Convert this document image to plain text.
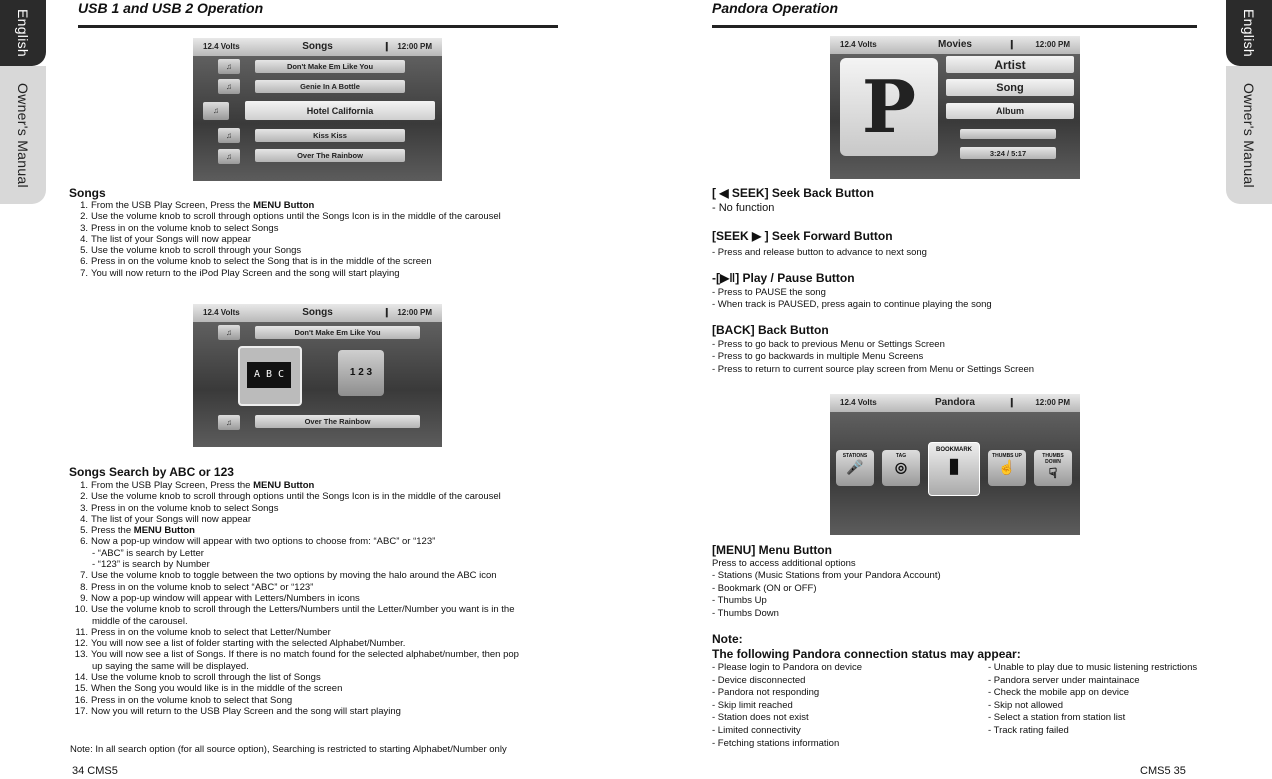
English
Owner's Manual
USB 1 and USB 2 Operation
12.4 Volts	Songs	❙ 12:00 PM
♫	Don't Make Em Like You
♫	Genie In A Bottle
♫	Hotel California
♫	Kiss Kiss
♫	Over The Rainbow
Songs
1. From the USB Play Screen, Press the MENU Button
2. Use the volume knob to scroll through options until the Songs Icon is in the middle of the carousel
3. Press in on the volume knob to select Songs
4. The list of your Songs will now appear
5. Use the volume knob to scroll through your Songs
6. Press in on the volume knob to select the Song that is in the middle of the screen
7. You will now return to the iPod Play Screen and the song will start playing
12.4 Volts	Songs	❙ 12:00 PM
♫	Don't Make Em Like You
A B C	1 2 3
♫	Over The Rainbow
Songs Search by ABC or 123
1. From the USB Play Screen, Press the MENU Button
2. Use the volume knob to scroll through options until the Songs Icon is in the middle of the carousel
3. Press in on the volume knob to select Songs
4. The list of your Songs will now appear
5. Press the MENU Button
6. Now a pop-up window will appear with two options to choose from: “ABC” or “123”
- “ABC” is search by Letter
- “123” is search by Number
7. Use the volume knob to toggle between the two options by moving the halo around the ABC icon
8. Press in on the volume knob to select “ABC” or “123”
9. Now a pop-up window will appear with Letters/Numbers in icons
10. Use the volume knob to scroll through the Letters/Numbers until the Letter/Number you want is in the
middle of the carousel.
11. Press in on the volume knob to select that Letter/Number
12. You will now see a list of folder starting with the selected Alphabet/Number.
13. You will now see a list of Songs. If there is no match found for the selected alphabet/number, then pop
up saying the same will be displayed.
14. Use the volume knob to scroll through the list of Songs
15. When the Song you would like is in the middle of the screen
16. Press in on the volume knob to select that Song
17. Now you will return to the USB Play Screen and the song will start playing
Note: In all search option (for all source option), Searching is restricted to starting Alphabet/Number only
34 CMS5
English
Owner's Manual
Pandora Operation
12.4 Volts	Movies	❙ 12:00 PM
P	Artist
Song
Album
3:24 / 5:17
[ ◀ SEEK] Seek Back Button
- No function
[SEEK ▶ ] Seek Forward Button
- Press and release button to advance to next song
-[▶‖] Play / Pause Button
- Press to PAUSE the song
- When track is PAUSED, press again to continue playing the song
[BACK] Back Button
- Press to go back to previous Menu or Settings Screen
- Press to go backwards in multiple Menu Screens
- Press to return to current source play screen from Menu or Settings Screen
12.4 Volts	Pandora	❙ 12:00 PM
STATIONS
🎤
TAG
◎
BOOKMARK
▮	THUMBS UP
☝
THUMBS DOWN
☟
[MENU] Menu Button
Press to access additional options
- Stations (Music Stations from your Pandora Account)
- Bookmark (ON or OFF)
- Thumbs Up
- Thumbs Down
Note:
The following Pandora connection status may appear:
- Please login to Pandora on device
- Device disconnected
- Pandora not responding
- Skip limit reached
- Station does not exist
- Limited connectivity
- Fetching stations information
- Unable to play due to music listening restrictions
- Pandora server under maintainace
- Check the mobile app on device
- Skip not allowed
- Select a station from station list
- Track rating failed
CMS5 35
